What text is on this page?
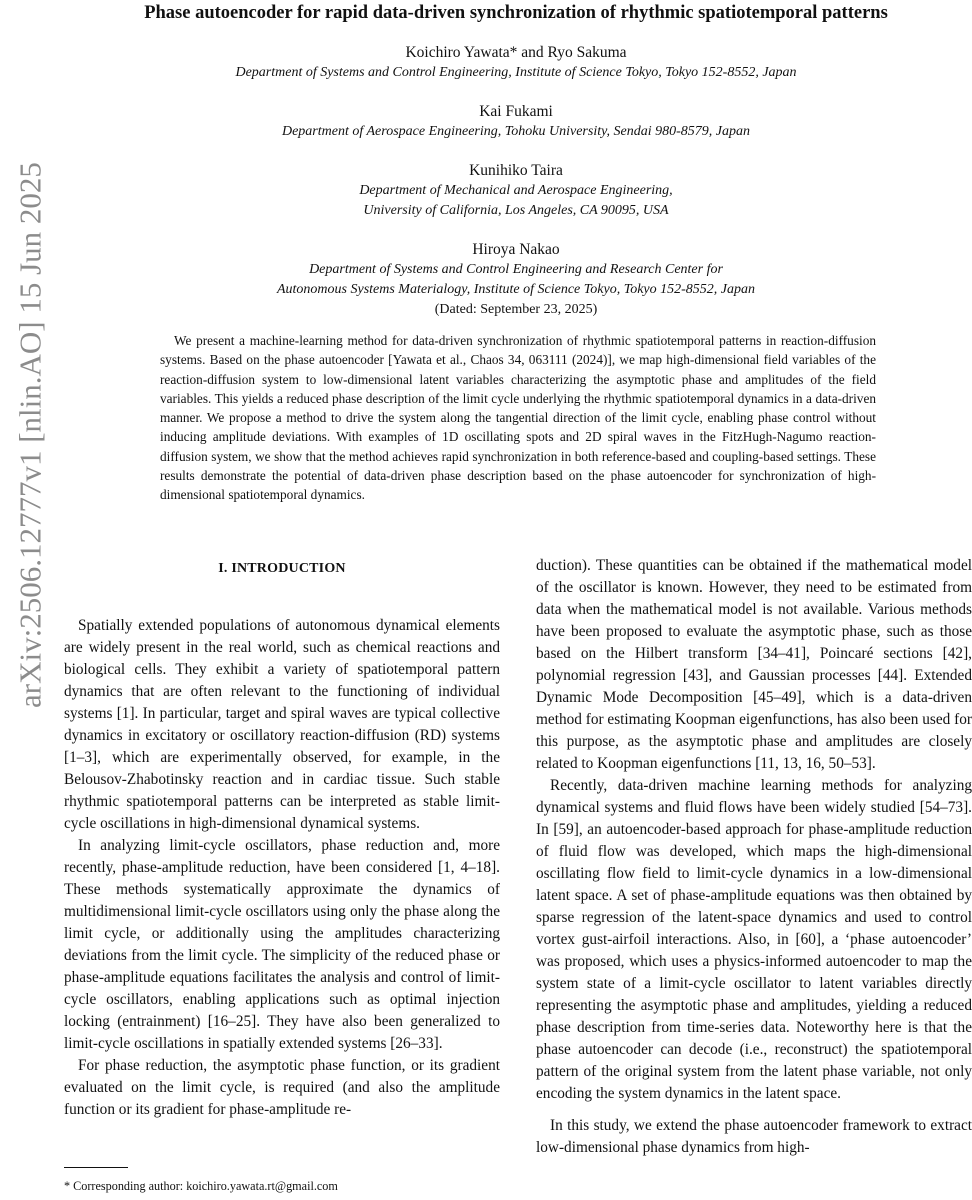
arXiv:2506.12777v1 [nlin.AO] 15 Jun 2025
Phase autoencoder for rapid data-driven synchronization of rhythmic spatiotemporal patterns
Koichiro Yawata* and Ryo Sakuma
Department of Systems and Control Engineering, Institute of Science Tokyo, Tokyo 152-8552, Japan
Kai Fukami
Department of Aerospace Engineering, Tohoku University, Sendai 980-8579, Japan
Kunihiko Taira
Department of Mechanical and Aerospace Engineering,
University of California, Los Angeles, CA 90095, USA
Hiroya Nakao
Department of Systems and Control Engineering and Research Center for
Autonomous Systems Materialogy, Institute of Science Tokyo, Tokyo 152-8552, Japan
(Dated: September 23, 2025)
We present a machine-learning method for data-driven synchronization of rhythmic spatiotemporal patterns in reaction-diffusion systems. Based on the phase autoencoder [Yawata et al., Chaos 34, 063111 (2024)], we map high-dimensional field variables of the reaction-diffusion system to low-dimensional latent variables characterizing the asymptotic phase and amplitudes of the field variables. This yields a reduced phase description of the limit cycle underlying the rhythmic spatiotemporal dynamics in a data-driven manner. We propose a method to drive the system along the tangential direction of the limit cycle, enabling phase control without inducing amplitude deviations. With examples of 1D oscillating spots and 2D spiral waves in the FitzHugh-Nagumo reaction-diffusion system, we show that the method achieves rapid synchronization in both reference-based and coupling-based settings. These results demonstrate the potential of data-driven phase description based on the phase autoencoder for synchronization of high-dimensional spatiotemporal dynamics.
I. INTRODUCTION

Spatially extended populations of autonomous dynamical elements are widely present in the real world, such as chemical reactions and biological cells. They exhibit a variety of spatiotemporal pattern dynamics that are often relevant to the functioning of individual systems [1]. In particular, target and spiral waves are typical collective dynamics in excitatory or oscillatory reaction-diffusion (RD) systems [1–3], which are experimentally observed, for example, in the Belousov-Zhabotinsky reaction and in cardiac tissue. Such stable rhythmic spatiotemporal patterns can be interpreted as stable limit-cycle oscillations in high-dimensional dynamical systems.

In analyzing limit-cycle oscillators, phase reduction and, more recently, phase-amplitude reduction, have been considered [1, 4–18]. These methods systematically approximate the dynamics of multidimensional limit-cycle oscillators using only the phase along the limit cycle, or additionally using the amplitudes characterizing deviations from the limit cycle. The simplicity of the reduced phase or phase-amplitude equations facilitates the analysis and control of limit-cycle oscillators, enabling applications such as optimal injection locking (entrainment) [16–25]. They have also been generalized to limit-cycle oscillations in spatially extended systems [26–33].

For phase reduction, the asymptotic phase function, or its gradient evaluated on the limit cycle, is required (and also the amplitude function or its gradient for phase-amplitude re-

duction). These quantities can be obtained if the mathematical model of the oscillator is known. However, they need to be estimated from data when the mathematical model is not available. Various methods have been proposed to evaluate the asymptotic phase, such as those based on the Hilbert transform [34–41], Poincaré sections [42], polynomial regression [43], and Gaussian processes [44]. Extended Dynamic Mode Decomposition [45–49], which is a data-driven method for estimating Koopman eigenfunctions, has also been used for this purpose, as the asymptotic phase and amplitudes are closely related to Koopman eigenfunctions [11, 13, 16, 50–53].

Recently, data-driven machine learning methods for analyzing dynamical systems and fluid flows have been widely studied [54–73]. In [59], an autoencoder-based approach for phase-amplitude reduction of fluid flow was developed, which maps the high-dimensional oscillating flow field to limit-cycle dynamics in a low-dimensional latent space. A set of phase-amplitude equations was then obtained by sparse regression of the latent-space dynamics and used to control vortex gust-airfoil interactions. Also, in [60], a ‘phase autoencoder’ was proposed, which uses a physics-informed autoencoder to map the system state of a limit-cycle oscillator to latent variables directly representing the asymptotic phase and amplitudes, yielding a reduced phase description from time-series data. Noteworthy here is that the phase autoencoder can decode (i.e., reconstruct) the spatiotemporal pattern of the original system from the latent phase variable, not only encoding the system dynamics in the latent space.

In this study, we extend the phase autoencoder framework to extract low-dimensional phase dynamics from high-

* Corresponding author: koichiro.yawata.rt@gmail.com
